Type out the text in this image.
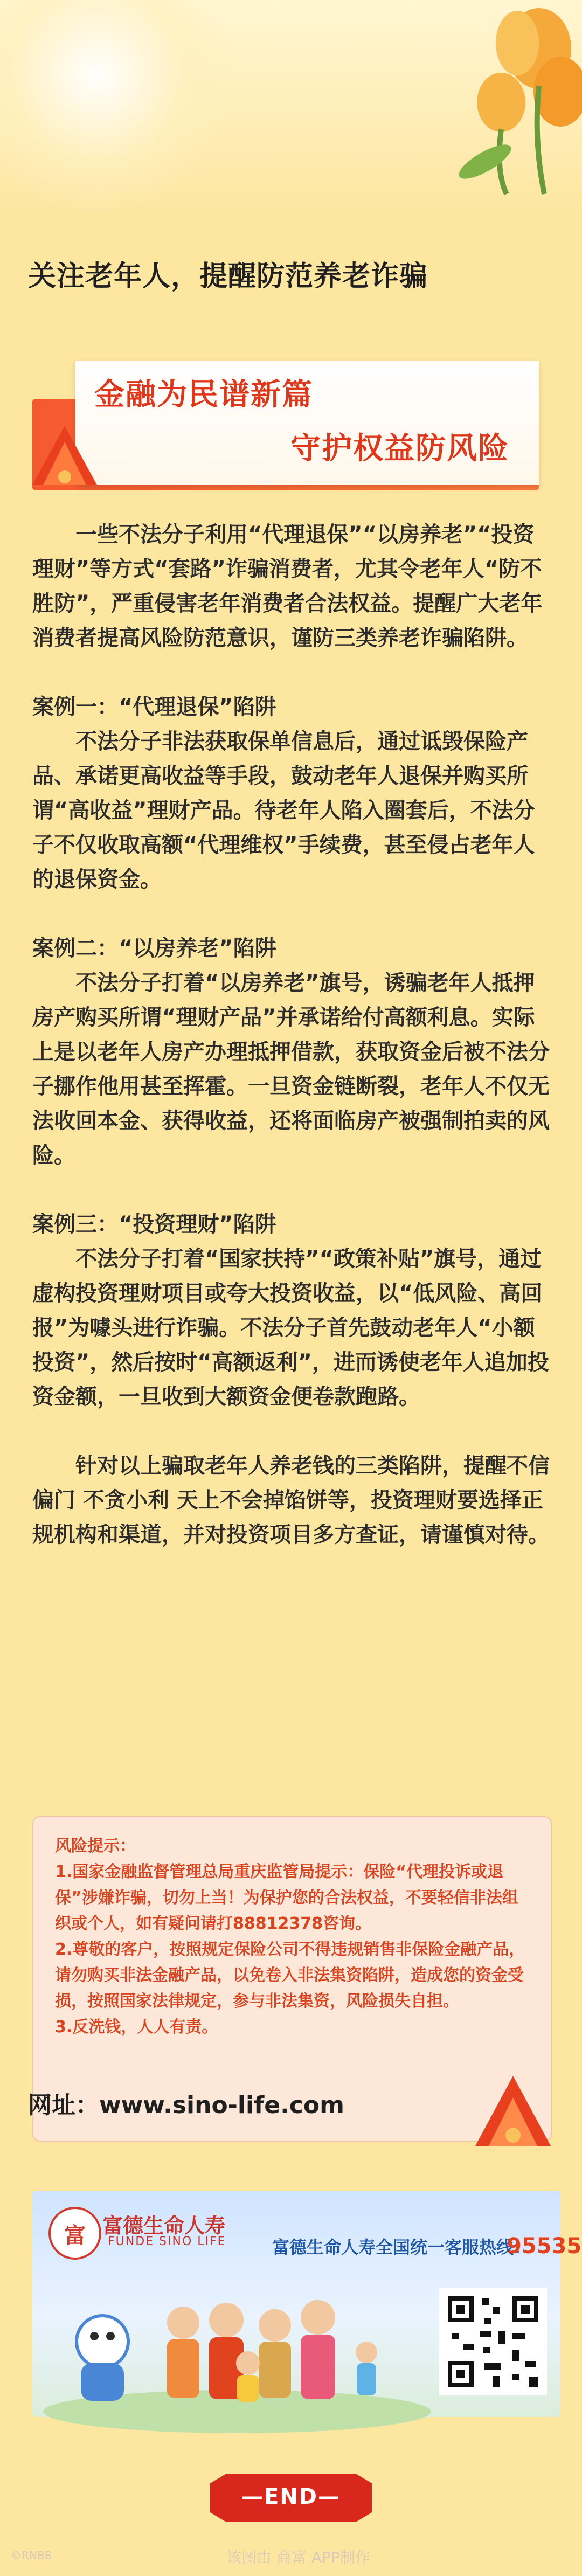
关注老年人，提醒防范养老诈骗
金融为民谱新篇
守护权益防风险

一些不法分子利用“代理退保”“以房养老”“投资理财”等方式“套路”诈骗消费者，尤其令老年人“防不胜防”，严重侵害老年消费者合法权益。提醒广大老年消费者提高风险防范意识，谨防三类养老诈骗陷阱。

案例一：“代理退保”陷阱

不法分子非法获取保单信息后，通过诋毁保险产品、承诺更高收益等手段，鼓动老年人退保并购买所谓“高收益”理财产品。待老年人陷入圈套后，不法分子不仅收取高额“代理维权”手续费，甚至侵占老年人的退保资金。

案例二：“以房养老”陷阱

不法分子打着“以房养老”旗号，诱骗老年人抵押房产购买所谓“理财产品”并承诺给付高额利息。实际上是以老年人房产办理抵押借款，获取资金后被不法分子挪作他用甚至挥霍。一旦资金链断裂，老年人不仅无法收回本金、获得收益，还将面临房产被强制拍卖的风险。

案例三：“投资理财”陷阱

不法分子打着“国家扶持”“政策补贴”旗号，通过虚构投资理财项目或夸大投资收益，以“低风险、高回报”为噱头进行诈骗。不法分子首先鼓动老年人“小额投资”，然后按时“高额返利”，进而诱使老年人追加投资金额，一旦收到大额资金便卷款跑路。

针对以上骗取老年人养老钱的三类陷阱，提醒不信 偏门 不贪小利 天上不会掉馅饼等，投资理财要选择正规机构和渠道，并对投资项目多方查证，请谨慎对待。

风险提示：
1.国家金融监督管理总局重庆监管局提示：保险“代理投诉或退保”涉嫌诈骗，切勿上当！为保护您的合法权益，不要轻信非法组织或个人，如有疑问请打88812378咨询。
2.尊敬的客户，按照规定保险公司不得违规销售非保险金融产品，请勿购买非法金融产品，以免卷入非法集资陷阱，造成您的资金受损，按照国家法律规定，参与非法集资，风险损失自担。
3.反洗钱，人人有责。
网址：www.sino-life.com
富 富德生命人寿
FUNDE SINO LIFE	富德生命人寿全国统一客服热线：
95535
—END—
©RNBB	该图由 商富 APP制作
